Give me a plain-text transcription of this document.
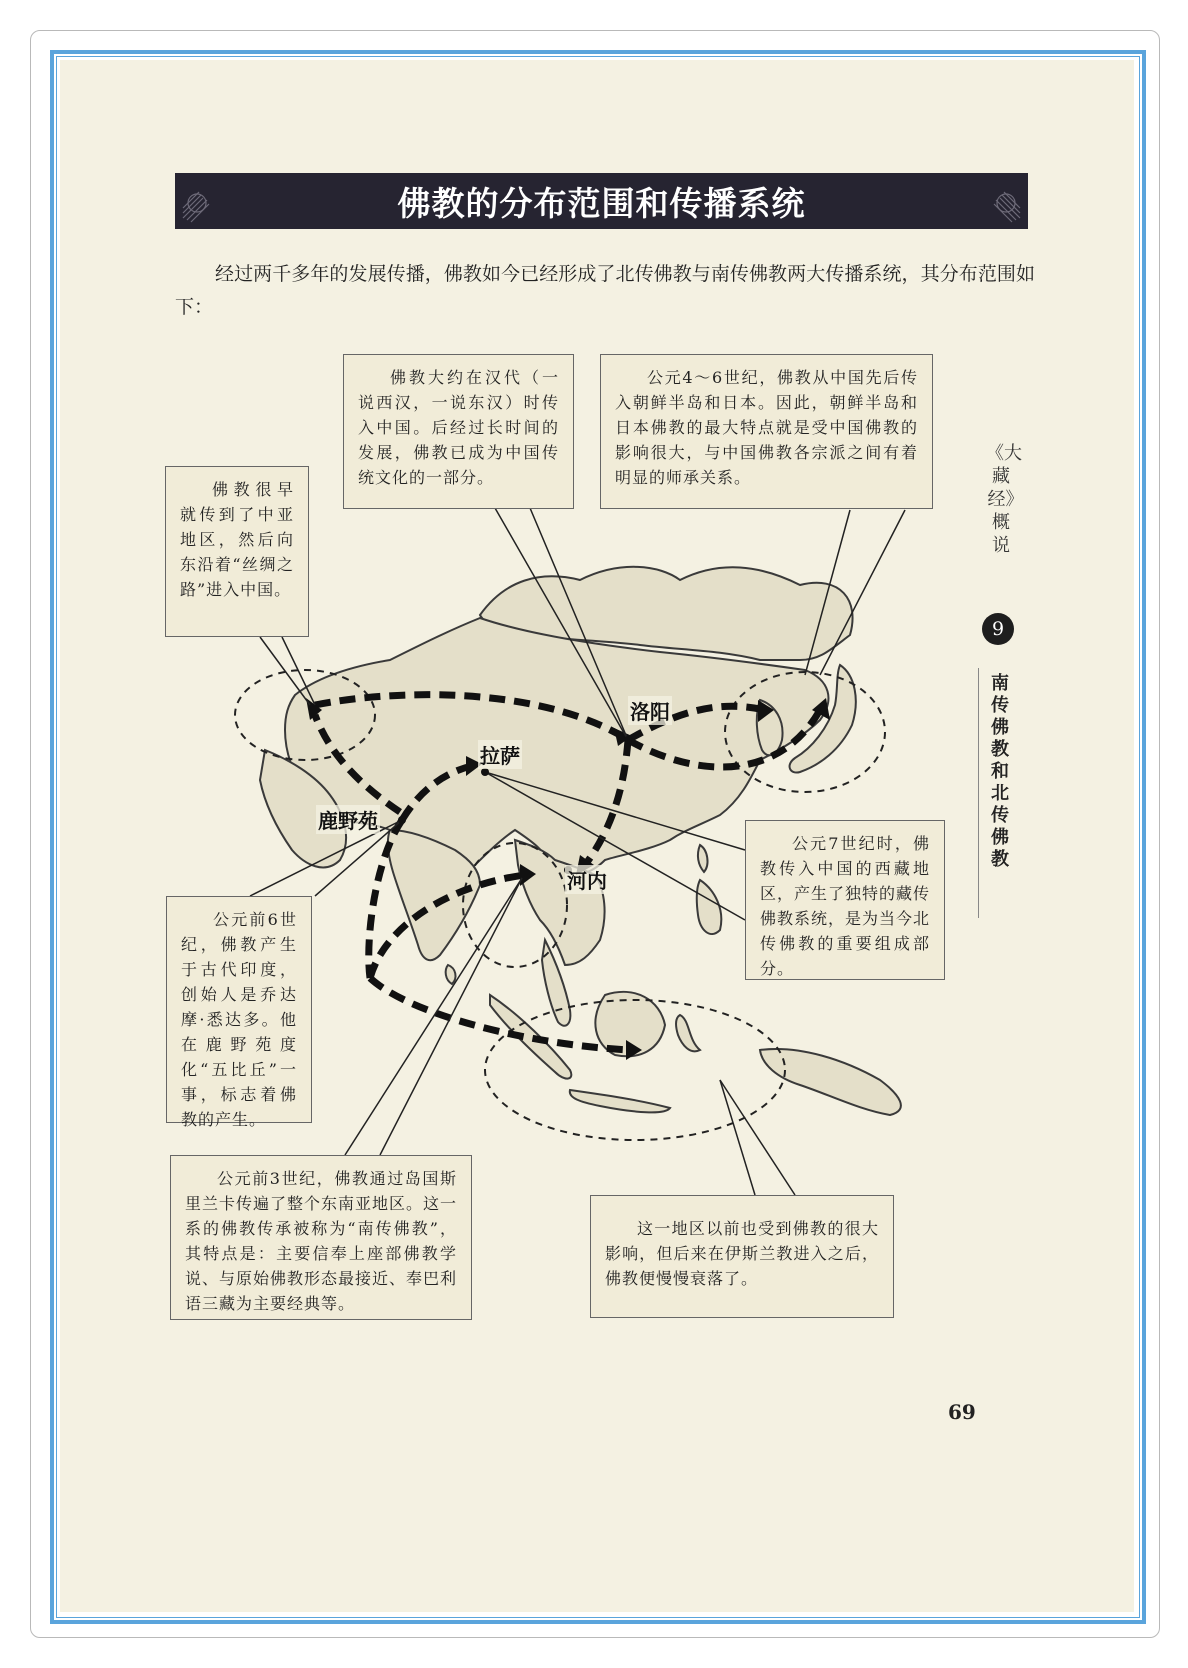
佛教的分布范围和传播系统
经过两千多年的发展传播，佛教如今已经形成了北传佛教与南传佛教两大传播系统，其分布范围如下：
佛教大约在汉代（一说西汉，一说东汉）时传入中国。后经过长时间的发展，佛教已成为中国传统文化的一部分。
公元4～6世纪，佛教从中国先后传入朝鲜半岛和日本。因此，朝鲜半岛和日本佛教的最大特点就是受中国佛教的影响很大，与中国佛教各宗派之间有着明显的师承关系。
佛教很早就传到了中亚地区，然后向东沿着“丝绸之路”进入中国。
公元7世纪时，佛教传入中国的西藏地区，产生了独特的藏传佛教系统，是为当今北传佛教的重要组成部分。
公元前6世纪，佛教产生于古代印度，创始人是乔达摩·悉达多。他在鹿野苑度化“五比丘”一事，标志着佛教的产生。
公元前3世纪，佛教通过岛国斯里兰卡传遍了整个东南亚地区。这一系的佛教传承被称为“南传佛教”，其特点是：主要信奉上座部佛教学说、与原始佛教形态最接近、奉巴利语三藏为主要经典等。
这一地区以前也受到佛教的很大影响，但后来在伊斯兰教进入之后，佛教便慢慢衰落了。
洛阳
拉萨
鹿野苑
河内
《大藏经》概说
9
南传佛教和北传佛教
69
